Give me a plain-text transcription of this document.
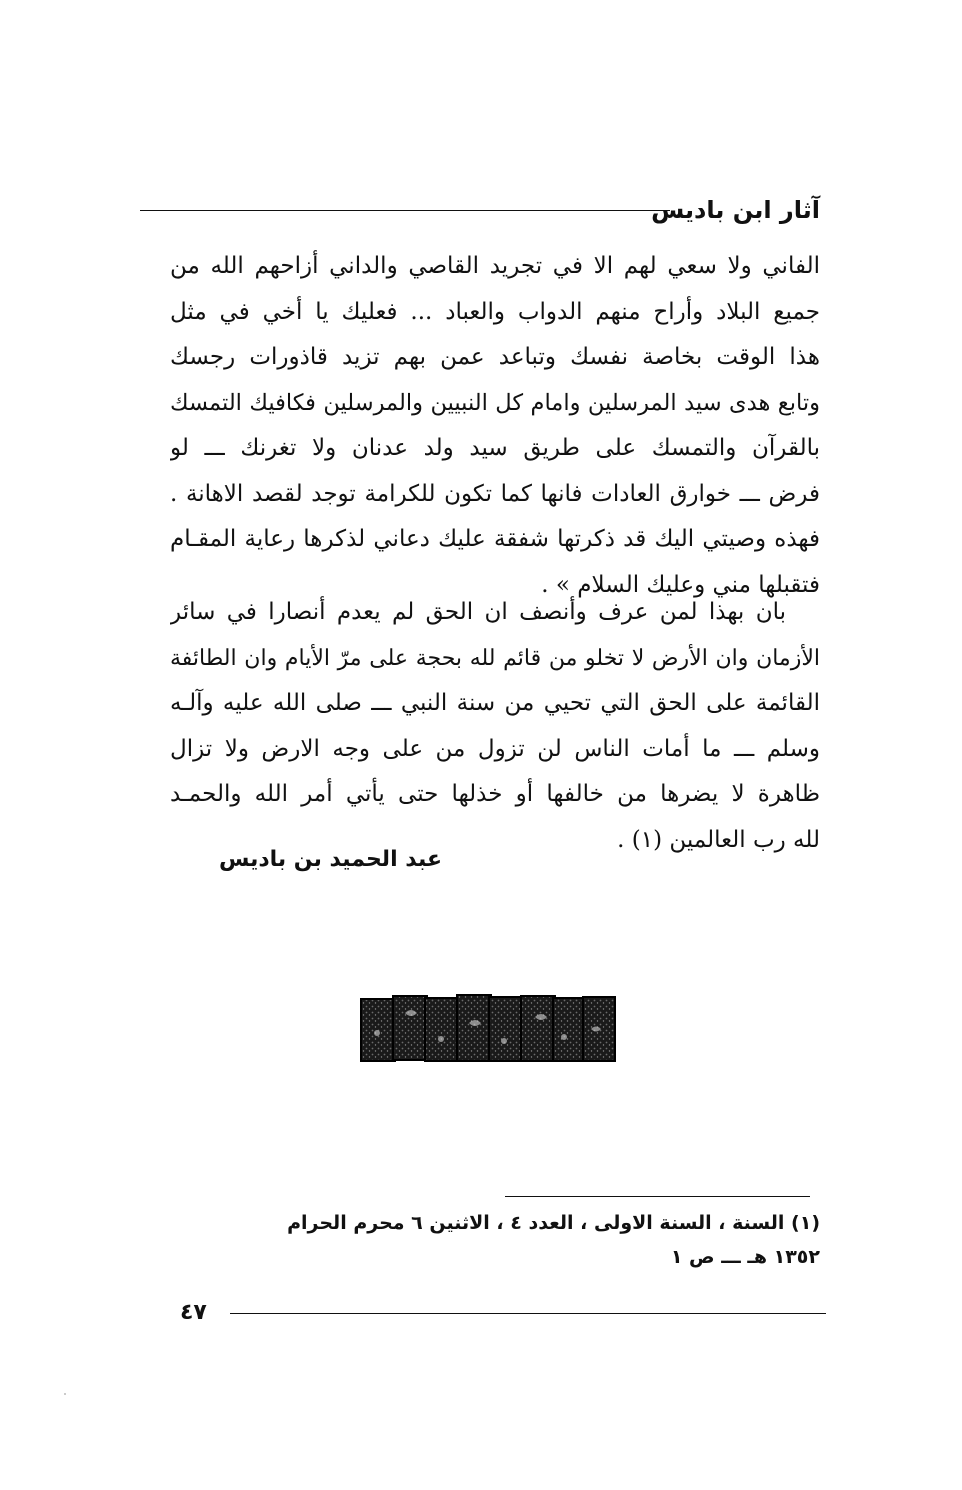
آثار ابن باديس
الفاني ولا سعي لهم الا في تجريد القاصي والداني أزاحهم الله من
جميع البلاد وأراح منهم الدواب والعباد ... فعليك يا أخي في مثل
هذا الوقت بخاصة نفسك وتباعد عمن بهم تزيد قاذورات رجسك
وتابع هدى سيد المرسلين وامام كل النبيين والمرسلين فكافيك التمسك
بالقرآن والتمسك على طريق سيد ولد عدنان ولا تغرنك ـــ لو
فرض ـــ خوارق العادات فانها كما تكون للكرامة توجد لقصد الاهانة .
فهذه وصيتي اليك قد ذكرتها شفقة عليك دعاني لذكرها رعاية المقـام
فتقبلها مني وعليك السلام » .
بان بهذا لمن عرف وأنصف ان الحق لم يعدم أنصارا في سائر
الأزمان وان الأرض لا تخلو من قائم لله بحجة على مرّ الأيام وان الطائفة
القائمة على الحق التي تحيي من سنة النبي ـــ صلى الله عليه وآلـه
وسلم ـــ ما أمات الناس لن تزول من على وجه الارض ولا تزال
ظاهرة لا يضرها من خالفها أو خذلها حتى يأتي أمر الله والحمـد
لله رب العالمين (١) .
عبد الحميد بن باديس
(١) السنة ، السنة الاولى ، العدد ٤ ، الاثنين ٦ محرم الحرام
١٣٥٢ هـ ـــ ص ١
٤٧
